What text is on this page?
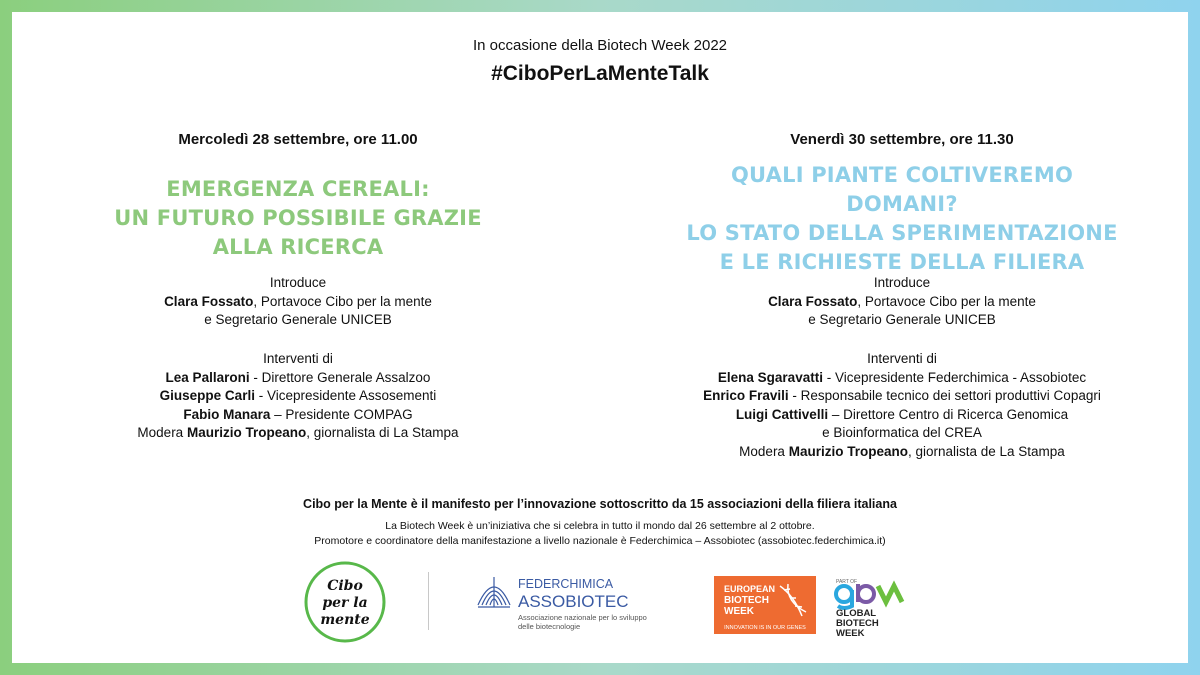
In occasione della Biotech Week 2022
#CiboPerLaMenteTalk
Mercoledì 28 settembre, ore 11.00
EMERGENZA CEREALI:
UN FUTURO POSSIBILE GRAZIE ALLA RICERCA
Introduce
Clara Fossato, Portavoce Cibo per la mente
e Segretario Generale UNICEB
Interventi di
Lea Pallaroni - Direttore Generale Assalzoo
Giuseppe Carli - Vicepresidente Assosementi
Fabio Manara – Presidente COMPAG
Modera Maurizio Tropeano, giornalista di La Stampa
Venerdì 30 settembre, ore 11.30
QUALI PIANTE COLTIVEREMO DOMANI?
LO STATO DELLA SPERIMENTAZIONE
E LE RICHIESTE DELLA FILIERA
Introduce
Clara Fossato, Portavoce Cibo per la mente
e Segretario Generale UNICEB
Interventi di
Elena Sgaravatti - Vicepresidente Federchimica - Assobiotec
Enrico Fravili - Responsabile tecnico dei settori produttivi Copagri
Luigi Cattivelli – Direttore Centro di Ricerca Genomica
e Bioinformatica del CREA
Modera Maurizio Tropeano, giornalista de La Stampa
Cibo per la Mente è il manifesto per l’innovazione sottoscritto da 15 associazioni della filiera italiana
La Biotech Week è un’iniziativa che si celebra in tutto il mondo dal 26 settembre al 2 ottobre.
Promotore e coordinatore della manifestazione a livello nazionale è Federchimica – Assobiotec (assobiotec.federchimica.it)
Cibo
per la
mente
FEDERCHIMICA
ASSOBIOTEC
Associazione nazionale per lo sviluppo
delle biotecnologie
EUROPEAN
BIOTECH
WEEK
INNOVATION IS IN OUR GENES
PART OF
GLOBAL
BIOTECH
WEEK
